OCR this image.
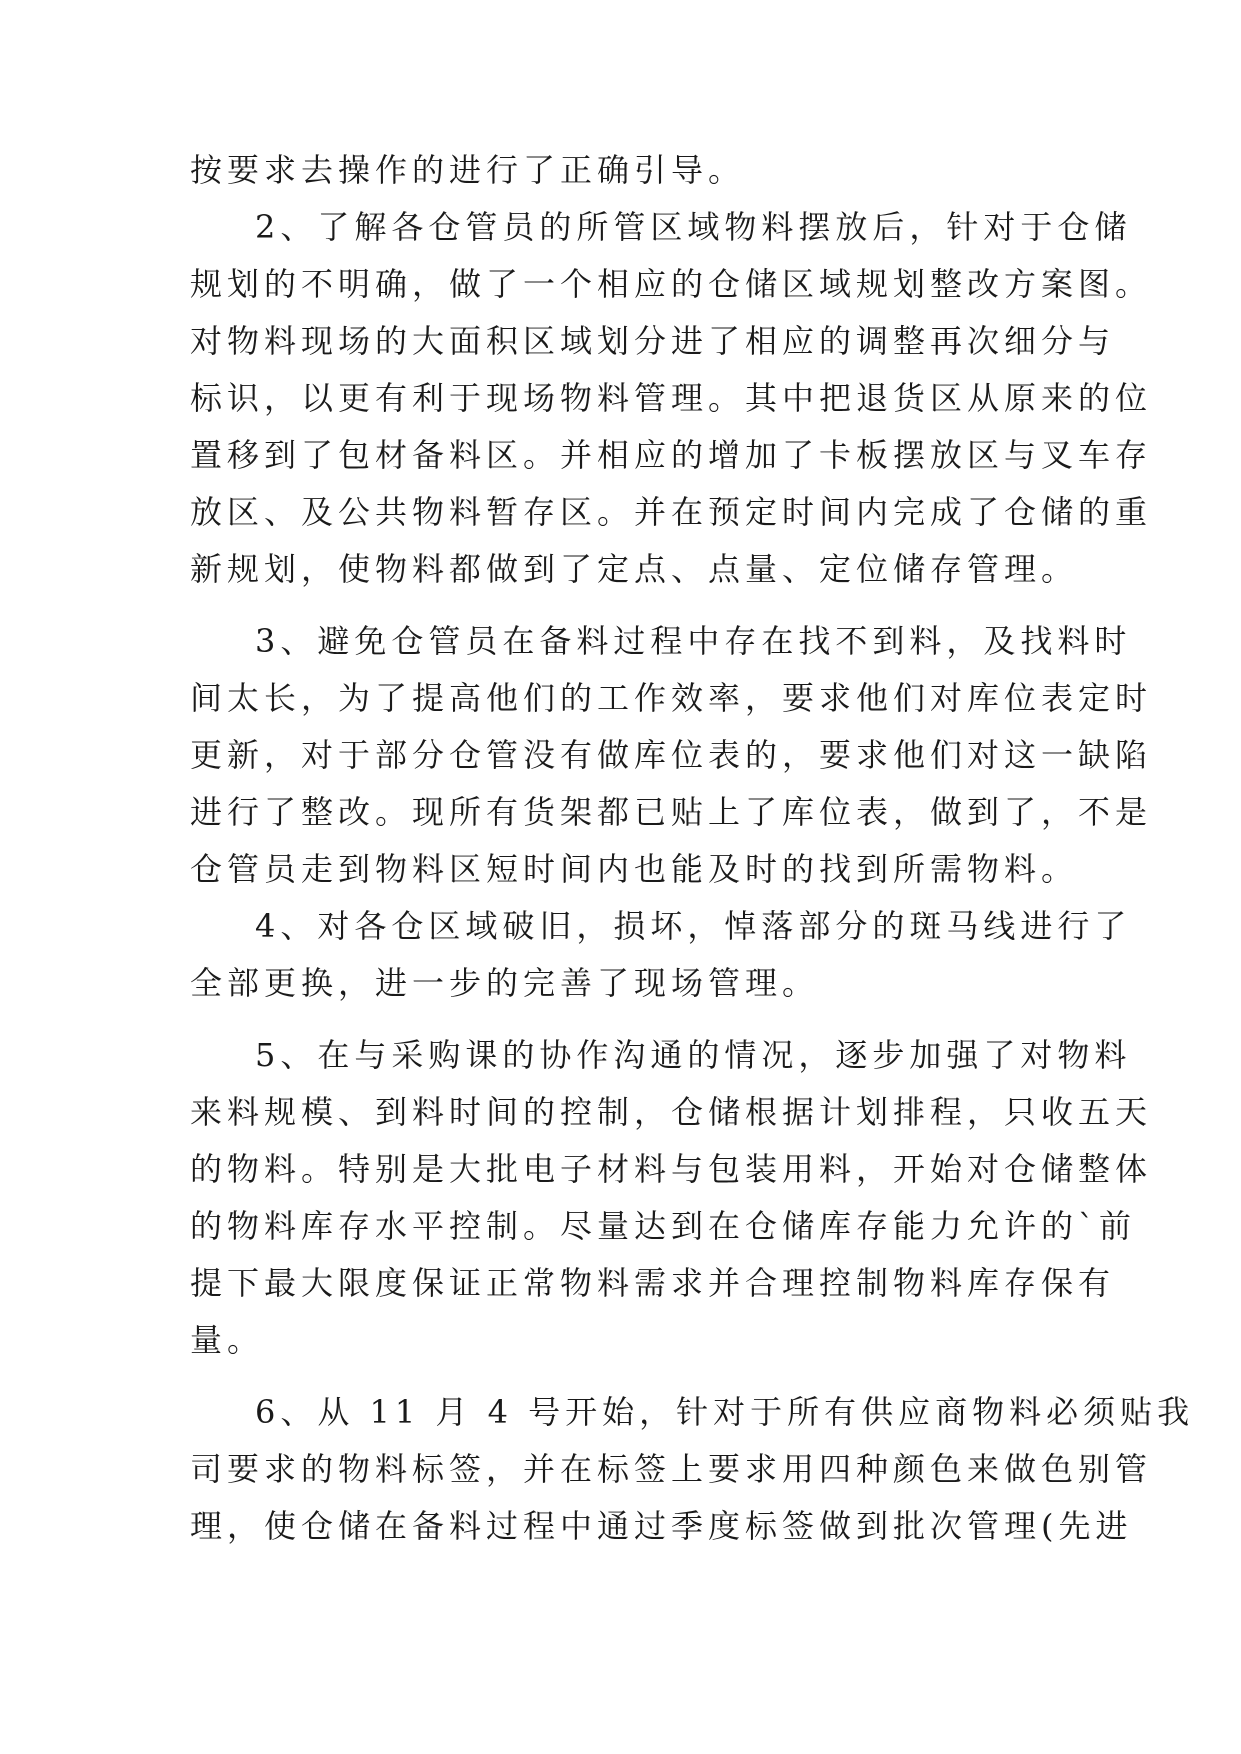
按要求去操作的进行了正确引导。

2、了解各仓管员的所管区域物料摆放后，针对于仓储

规划的不明确，做了一个相应的仓储区域规划整改方案图。

对物料现场的大面积区域划分进了相应的调整再次细分与

标识，以更有利于现场物料管理。其中把退货区从原来的位

置移到了包材备料区。并相应的增加了卡板摆放区与叉车存

放区、及公共物料暂存区。并在预定时间内完成了仓储的重

新规划，使物料都做到了定点、点量、定位储存管理。

3、避免仓管员在备料过程中存在找不到料，及找料时

间太长，为了提高他们的工作效率，要求他们对库位表定时

更新，对于部分仓管没有做库位表的，要求他们对这一缺陷

进行了整改。现所有货架都已贴上了库位表，做到了，不是

仓管员走到物料区短时间内也能及时的找到所需物料。

4、对各仓区域破旧，损坏，悼落部分的斑马线进行了

全部更换，进一步的完善了现场管理。

5、在与采购课的协作沟通的情况，逐步加强了对物料

来料规模、到料时间的控制，仓储根据计划排程，只收五天

的物料。特别是大批电子材料与包装用料，开始对仓储整体

的物料库存水平控制。尽量达到在仓储库存能力允许的`前

提下最大限度保证正常物料需求并合理控制物料库存保有

量。

6、从 11 月 4 号开始，针对于所有供应商物料必须贴我

司要求的物料标签，并在标签上要求用四种颜色来做色别管

理，使仓储在备料过程中通过季度标签做到批次管理(先进
